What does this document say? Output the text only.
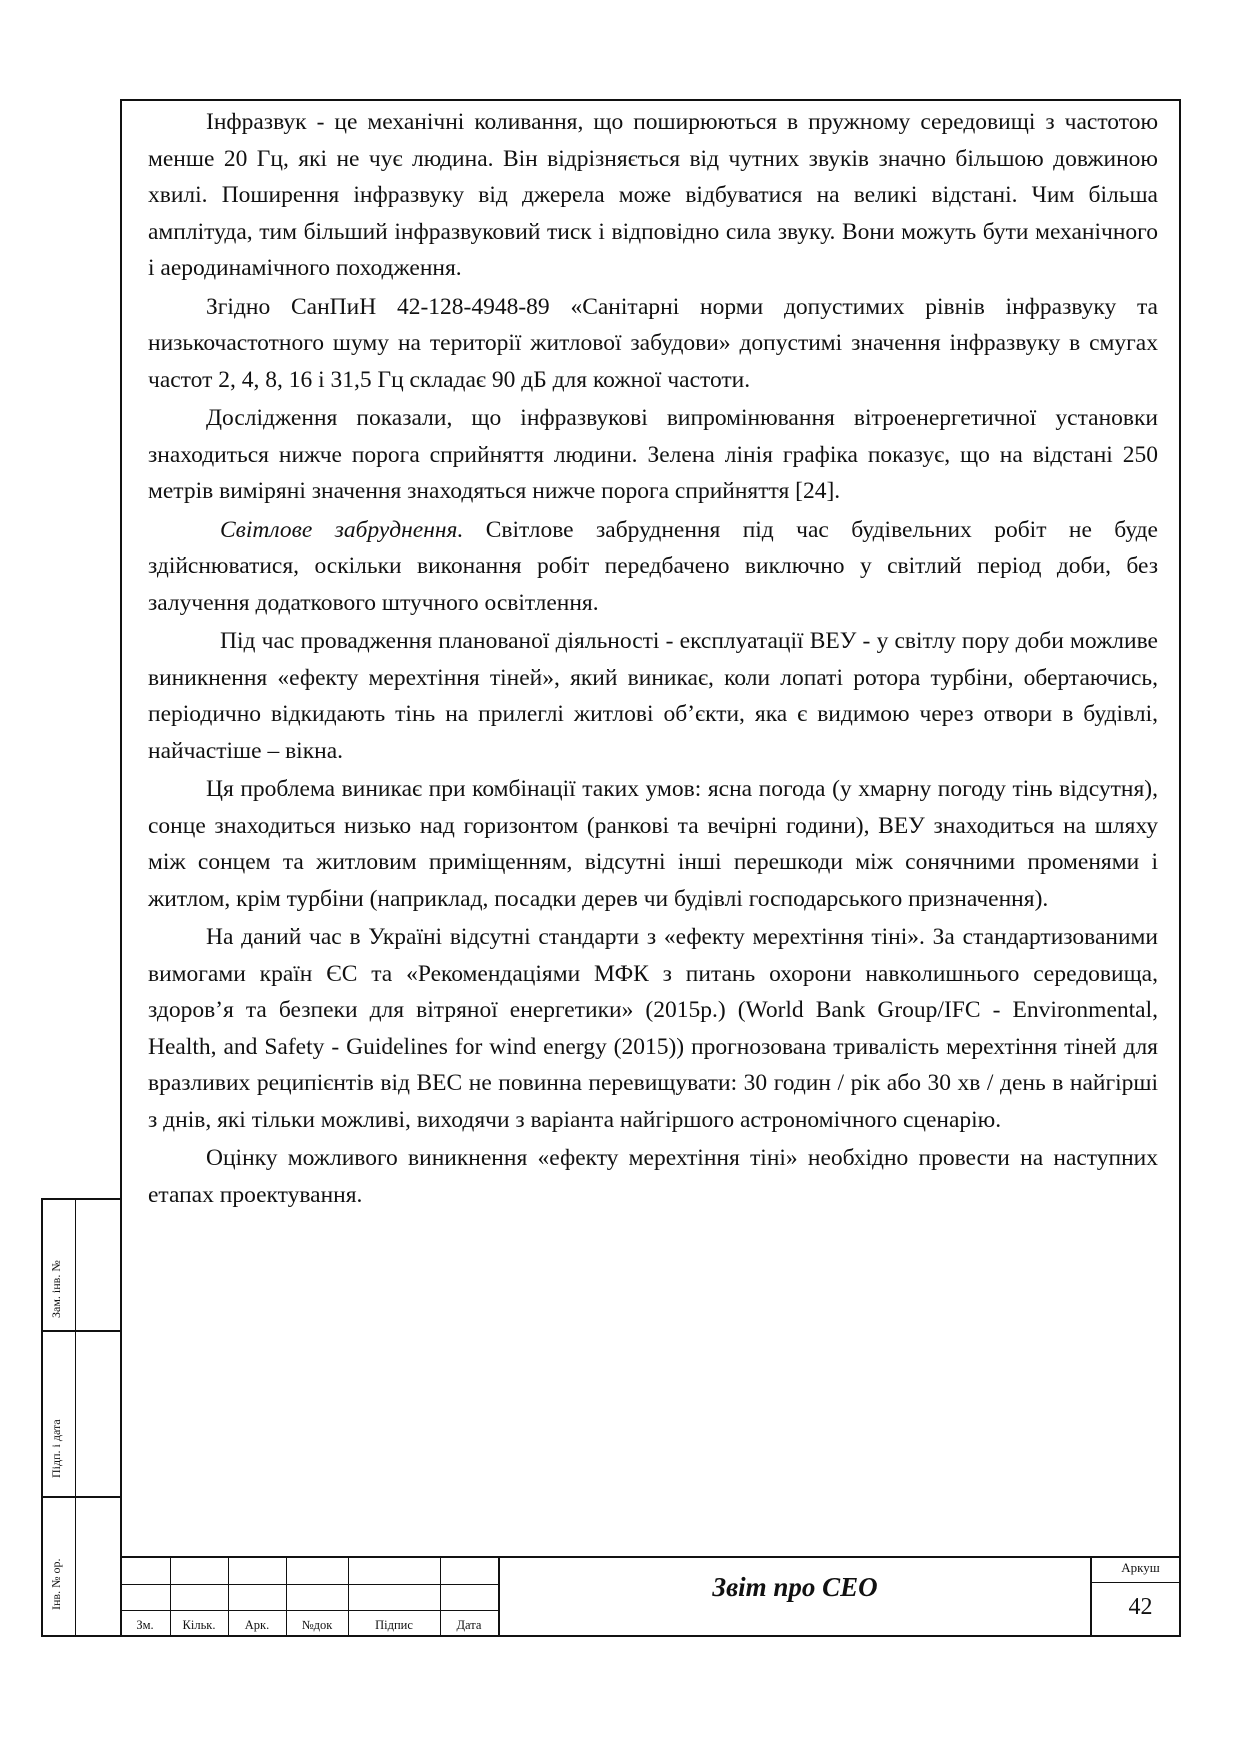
Інфразвук - це механічні коливання, що поширюються в пружному середовищі з частотою менше 20 Гц, які не чує людина. Він відрізняється від чутних звуків значно більшою довжиною хвилі. Поширення інфразвуку від джерела може відбуватися на великі відстані. Чим більша амплітуда, тим більший інфразвуковий тиск і відповідно сила звуку. Вони можуть бути механічного і аеродинамічного походження.

Згідно СанПиН 42-128-4948-89 «Санітарні норми допустимих рівнів інфразвуку та низькочастотного шуму на території житлової забудови» допустимі значення інфразвуку в смугах частот 2, 4, 8, 16 і 31,5 Гц складає 90 дБ для кожної частоти.

Дослідження показали, що інфразвукові випромінювання вітроенергетичної установки знаходиться нижче порога сприйняття людини. Зелена лінія графіка показує, що на відстані 250 метрів виміряні значення знаходяться нижче порога сприйняття [24].

Світлове забруднення. Світлове забруднення під час будівельних робіт не буде здійснюватися, оскільки виконання робіт передбачено виключно у світлий період доби, без залучення додаткового штучного освітлення.

Під час провадження планованої діяльності - експлуатації ВЕУ - у світлу пору доби можливе виникнення «ефекту мерехтіння тіней», який виникає, коли лопаті ротора турбіни, обертаючись, періодично відкидають тінь на прилеглі житлові об’єкти, яка є видимою через отвори в будівлі, найчастіше – вікна.

Ця проблема виникає при комбінації таких умов: ясна погода (у хмарну погоду тінь відсутня), сонце знаходиться низько над горизонтом (ранкові та вечірні години), ВЕУ знаходиться на шляху між сонцем та житловим приміщенням, відсутні інші перешкоди між сонячними променями і житлом, крім турбіни (наприклад, посадки дерев чи будівлі господарського призначення).

На даний час в Україні відсутні стандарти з «ефекту мерехтіння тіні». За стандартизованими вимогами країн ЄС та «Рекомендаціями МФК з питань охорони навколишнього середовища, здоров’я та безпеки для вітряної енергетики» (2015р.) (World Bank Group/IFC - Environmental, Health, and Safety - Guidelines for wind energy (2015)) прогнозована тривалість мерехтіння тіней для вразливих реципієнтів від ВЕС не повинна перевищувати: 30 годин / рік або 30 хв / день в найгірші з днів, які тільки можливі, виходячи з варіанта найгіршого астрономічного сценарію.

Оцінку можливого виникнення «ефекту мерехтіння тіні» необхідно провести на наступних етапах проектування.

Зам. інв. №
Підп. і дата
Інв. № ор.
Зм.	Кільк.	Арк.	№док	Підпис	Дата
Звіт про СЕО
Аркуш
42
